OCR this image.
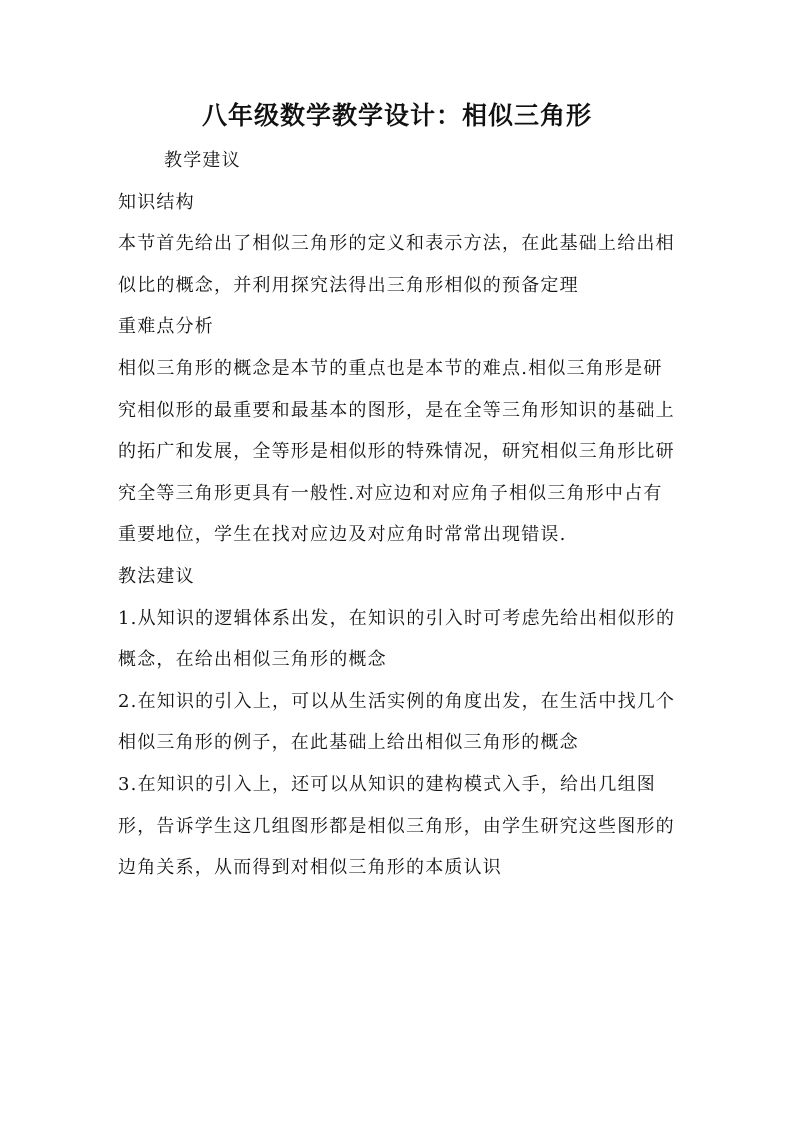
八年级数学教学设计：相似三角形

教学建议

知识结构

本节首先给出了相似三角形的定义和表示方法，在此基础上给出相似比的概念，并利用探究法得出三角形相似的预备定理

重难点分析

相似三角形的概念是本节的重点也是本节的难点.相似三角形是研究相似形的最重要和最基本的图形，是在全等三角形知识的基础上的拓广和发展，全等形是相似形的特殊情况，研究相似三角形比研究全等三角形更具有一般性.对应边和对应角子相似三角形中占有重要地位，学生在找对应边及对应角时常常出现错误.

教法建议

1.从知识的逻辑体系出发，在知识的引入时可考虑先给出相似形的概念，在给出相似三角形的概念

2.在知识的引入上，可以从生活实例的角度出发，在生活中找几个相似三角形的例子，在此基础上给出相似三角形的概念

3.在知识的引入上，还可以从知识的建构模式入手，给出几组图形，告诉学生这几组图形都是相似三角形，由学生研究这些图形的边角关系，从而得到对相似三角形的本质认识
